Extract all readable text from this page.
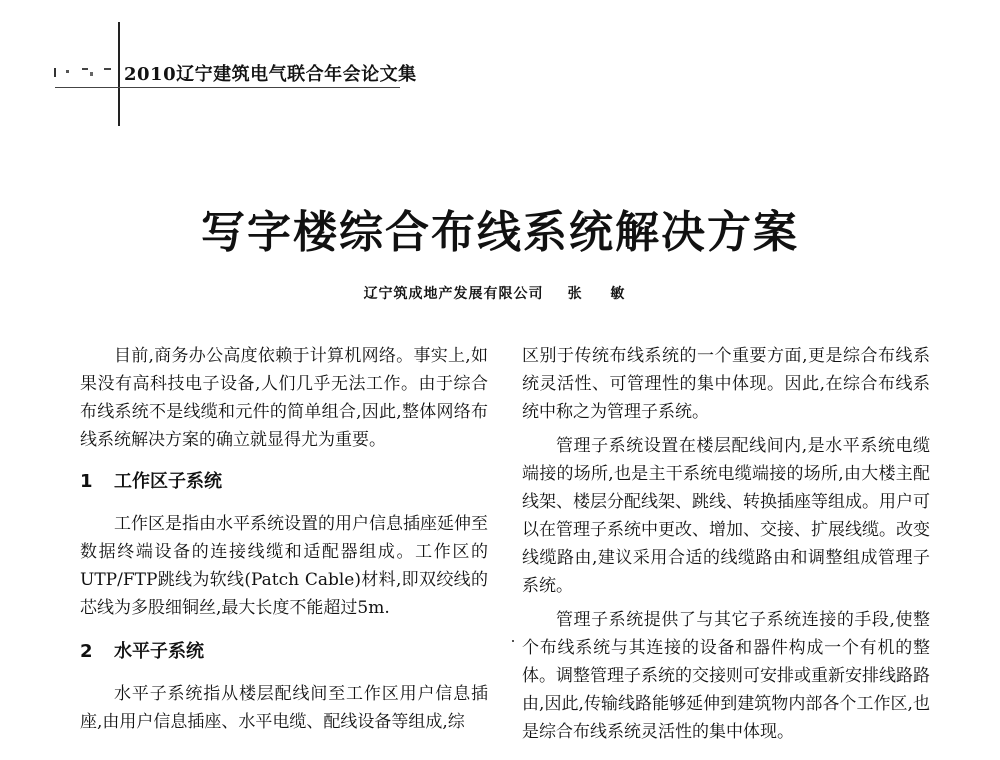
2010辽宁建筑电气联合年会论文集
写字楼综合布线系统解决方案
辽宁筑成地产发展有限公司 张 敏

目前,商务办公高度依赖于计算机网络。事实上,如果没有高科技电子设备,人们几乎无法工作。由于综合布线系统不是线缆和元件的简单组合,因此,整体网络布线系统解决方案的确立就显得尤为重要。

1 工作区子系统

工作区是指由水平系统设置的用户信息插座延伸至数据终端设备的连接线缆和适配器组成。工作区的UTP/FTP跳线为软线(Patch Cable)材料,即双绞线的芯线为多股细铜丝,最大长度不能超过5m.

2 水平子系统

水平子系统指从楼层配线间至工作区用户信息插座,由用户信息插座、水平电缆、配线设备等组成,综

区别于传统布线系统的一个重要方面,更是综合布线系统灵活性、可管理性的集中体现。因此,在综合布线系统中称之为管理子系统。

管理子系统设置在楼层配线间内,是水平系统电缆端接的场所,也是主干系统电缆端接的场所,由大楼主配线架、楼层分配线架、跳线、转换插座等组成。用户可以在管理子系统中更改、增加、交接、扩展线缆。改变线缆路由,建议采用合适的线缆路由和调整组成管理子系统。

管理子系统提供了与其它子系统连接的手段,使整个布线系统与其连接的设备和器件构成一个有机的整体。调整管理子系统的交接则可安排或重新安排线路路由,因此,传输线路能够延伸到建筑物内部各个工作区,也是综合布线系统灵活性的集中体现。
